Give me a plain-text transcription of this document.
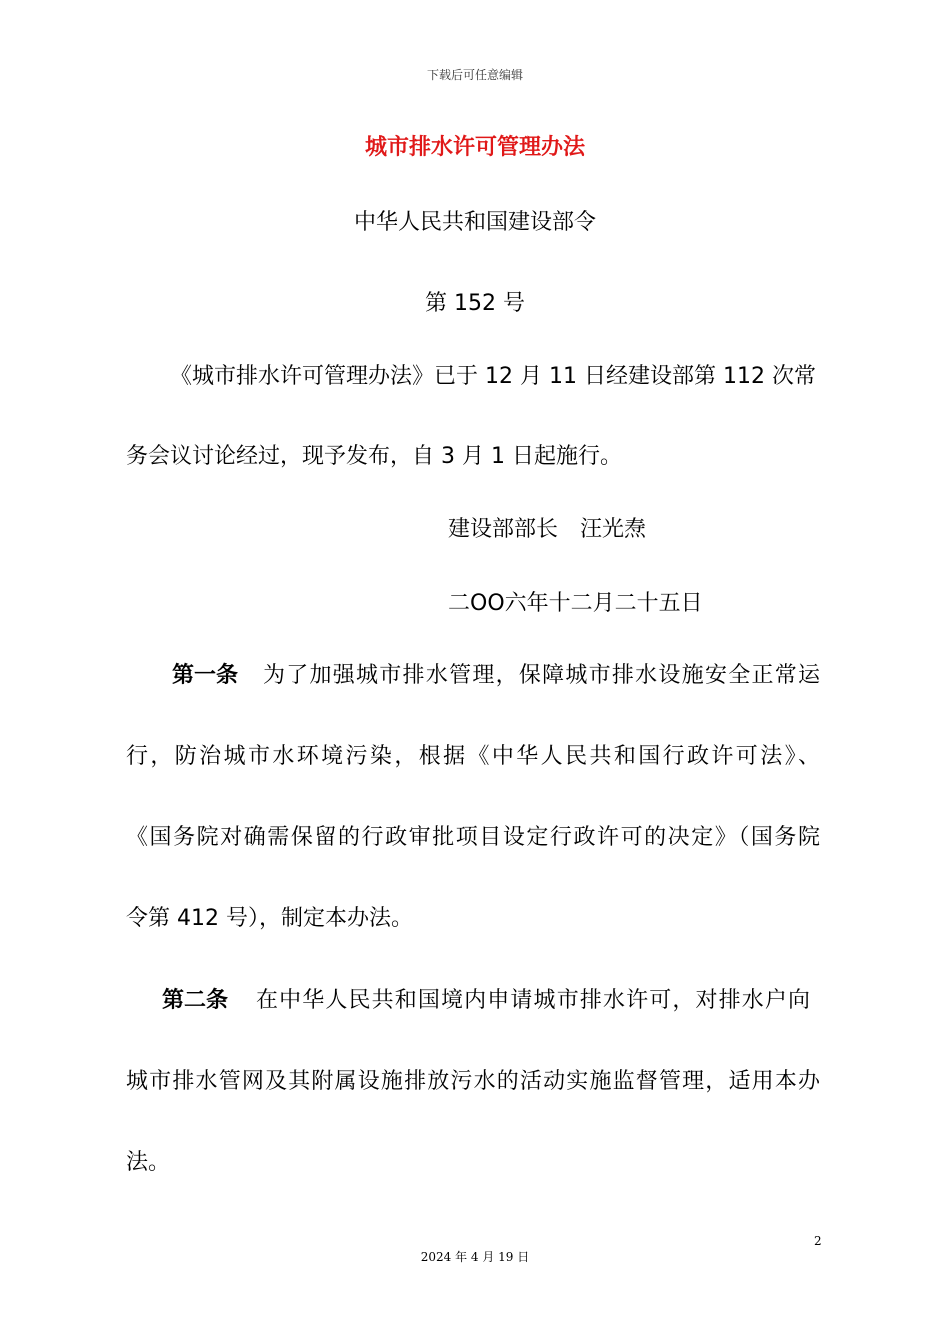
下载后可任意编辑
城市排水许可管理办法
中华人民共和国建设部令
第 152 号
《城市排水许可管理办法》已于 12 月 11 日经建设部第 112 次常
务会议讨论经过，现予发布，自 3 月 1 日起施行。
建设部部长　汪光焘
二OO六年十二月二十五日
第一条 为了加强城市排水管理，保障城市排水设施安全正常运
行，防治城市水环境污染，根据《中华人民共和国行政许可法》、
《国务院对确需保留的行政审批项目设定行政许可的决定》（国务院
令第 412 号），制定本办法。
第二条 在中华人民共和国境内申请城市排水许可，对排水户向
城市排水管网及其附属设施排放污水的活动实施监督管理，适用本办
法。
2
2024 年 4 月 19 日
